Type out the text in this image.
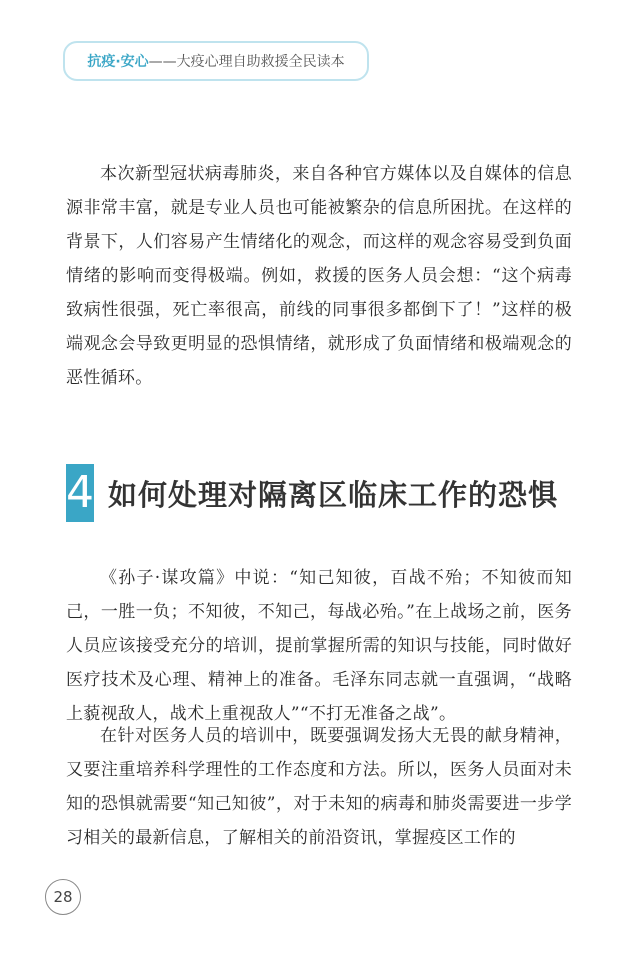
抗疫·安心 ——大疫心理自助救援全民读本

本次新型冠状病毒肺炎，来自各种官方媒体以及自媒体的信息源非常丰富，就是专业人员也可能被繁杂的信息所困扰。在这样的背景下，人们容易产生情绪化的观念，而这样的观念容易受到负面情绪的影响而变得极端。例如，救援的医务人员会想：“这个病毒致病性很强，死亡率很高，前线的同事很多都倒下了！”这样的极端观念会导致更明显的恐惧情绪，就形成了负面情绪和极端观念的恶性循环。

4 如何处理对隔离区临床工作的恐惧

《孙子·谋攻篇》中说：“知己知彼，百战不殆；不知彼而知己，一胜一负；不知彼，不知己，每战必殆。”在上战场之前，医务人员应该接受充分的培训，提前掌握所需的知识与技能，同时做好医疗技术及心理、精神上的准备。毛泽东同志就一直强调，“战略上藐视敌人，战术上重视敌人”“不打无准备之战”。

在针对医务人员的培训中，既要强调发扬大无畏的献身精神，又要注重培养科学理性的工作态度和方法。所以，医务人员面对未知的恐惧就需要“知己知彼”，对于未知的病毒和肺炎需要进一步学习相关的最新信息，了解相关的前沿资讯，掌握疫区工作的

28
